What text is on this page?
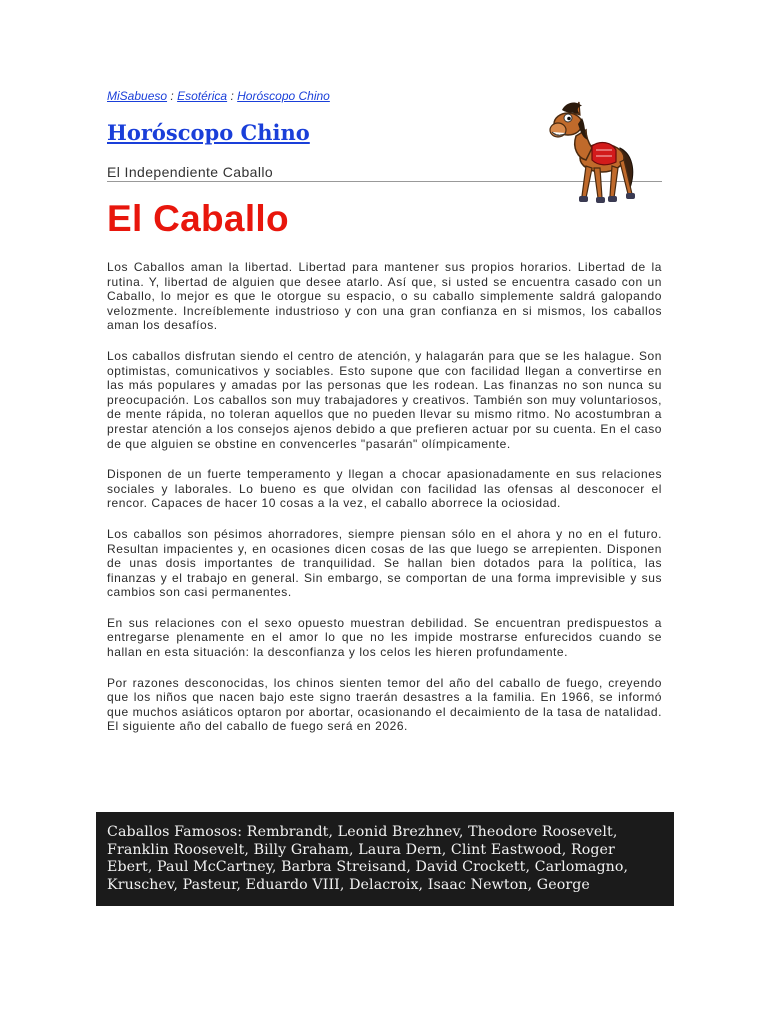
MiSabueso : Esotérica : Horóscopo Chino
Horóscopo Chino
El Independiente Caballo
El Caballo

Los Caballos aman la libertad. Libertad para mantener sus propios horarios. Libertad de la rutina. Y, libertad de alguien que desee atarlo. Así que, si usted se encuentra casado con un Caballo, lo mejor es que le otorgue su espacio, o su caballo simplemente saldrá galopando velozmente. Increíblemente industrioso y con una gran confianza en si mismos, los caballos aman los desafíos.

Los caballos disfrutan siendo el centro de atención, y halagarán para que se les halague. Son optimistas, comunicativos y sociables. Esto supone que con facilidad llegan a convertirse en las más populares y amadas por las personas que les rodean. Las finanzas no son nunca su preocupación. Los caballos son muy trabajadores y creativos. También son muy voluntariosos, de mente rápida, no toleran aquellos que no pueden llevar su mismo ritmo. No acostumbran a prestar atención a los consejos ajenos debido a que prefieren actuar por su cuenta. En el caso de que alguien se obstine en convencerles "pasarán" olímpicamente.

Disponen de un fuerte temperamento y llegan a chocar apasionadamente en sus relaciones sociales y laborales. Lo bueno es que olvidan con facilidad las ofensas al desconocer el rencor. Capaces de hacer 10 cosas a la vez, el caballo aborrece la ociosidad.

Los caballos son pésimos ahorradores, siempre piensan sólo en el ahora y no en el futuro. Resultan impacientes y, en ocasiones dicen cosas de las que luego se arrepienten. Disponen de unas dosis importantes de tranquilidad. Se hallan bien dotados para la política, las finanzas y el trabajo en general. Sin embargo, se comportan de una forma imprevisible y sus cambios son casi permanentes.

En sus relaciones con el sexo opuesto muestran debilidad. Se encuentran predispuestos a entregarse plenamente en el amor lo que no les impide mostrarse enfurecidos cuando se hallan en esta situación: la desconfianza y los celos les hieren profundamente.

Por razones desconocidas, los chinos sienten temor del año del caballo de fuego, creyendo que los niños que nacen bajo este signo traerán desastres a la familia. En 1966, se informó que muchos asiáticos optaron por abortar, ocasionando el decaimiento de la tasa de natalidad. El siguiente año del caballo de fuego será en 2026.

Caballos Famosos: Rembrandt, Leonid Brezhnev, Theodore Roosevelt, Franklin Roosevelt, Billy Graham, Laura Dern, Clint Eastwood, Roger Ebert, Paul McCartney, Barbra Streisand, David Crockett, Carlomagno, Kruschev, Pasteur, Eduardo VIII, Delacroix, Isaac Newton, George
